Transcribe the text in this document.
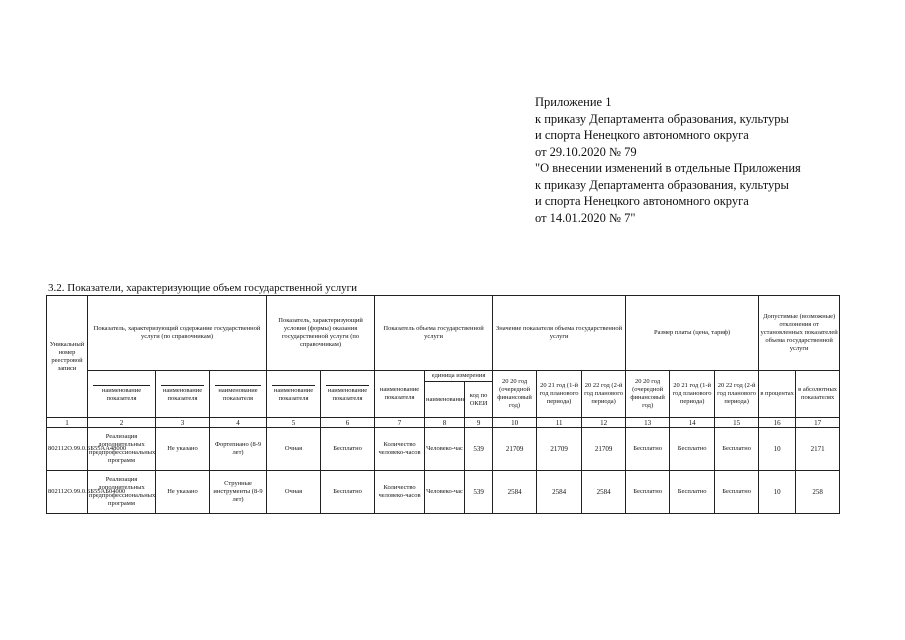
Приложение 1
к приказу Департамента образования, культуры
и спорта Ненецкого автономного округа
от 29.10.2020 № 79
"О внесении изменений в отдельные Приложения
к приказу Департамента образования, культуры
и спорта Ненецкого автономного округа
от 14.01.2020 № 7"
3.2. Показатели, характеризующие объем государственной услуги
Уникальный номер реестровой записи	Показатель, характеризующий содержание государственной услуги (по справочникам)			Показатель, характеризующий условия (формы) оказания государственной услуги (по справочникам)		Показатель объема государственной услуги			Значение показателя объема государственной услуги			Размер платы (цена, тариф)			Допустимые (возможные) отклонения от установленных показателей объема государственной услуги	

	наименование показателя	наименование показателя	наименование показателя	наименование показателя	наименование показателя	наименование показателя	единица измерения		20 20 год (очередной финансовый год)	20 21 год (1-й год планового периода)	20 22 год (2-й год планового периода)	20 20 год (очередной финансовый год)	20 21 год (1-й год планового периода)	20 22 год (2-й год планового периода)	в процентах	в абсолютных показателях
							наименование	код по ОКЕИ								
1	2	3	4	5	6	7	8	9	10	11	12	13	14	15	16	17
802112О.99.0.ББ55АА48000	Реализация дополнительных предпрофессиональных программ	Не указано	Фортепиано (8-9 лет)	Очная	Бесплатно	Количество человеко-часов	Человеко-час	539	21709	21709	21709	Бесплатно	Бесплатно	Бесплатно	10	2171
802112О.99.0.ББ55АБ04000	Реализация дополнительных предпрофессиональных программ	Не указано	Струнные инструменты (8-9 лет)	Очная	Бесплатно	Количество человеко-часов	Человеко-час	539	2584	2584	2584	Бесплатно	Бесплатно	Бесплатно	10	258
